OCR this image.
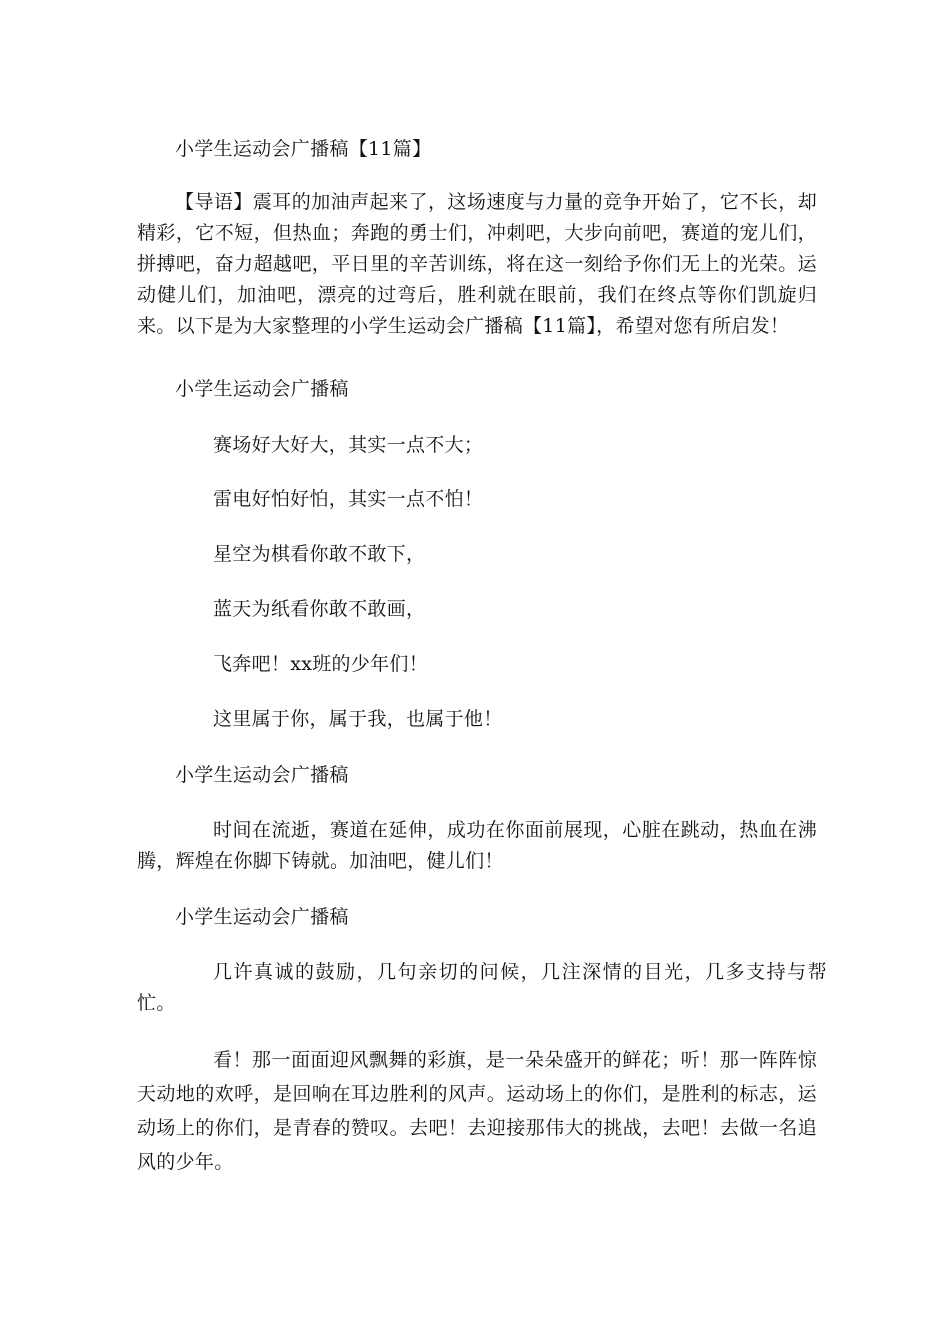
小学生运动会广播稿【11篇】
【导语】震耳的加油声起来了，这场速度与力量的竞争开始了，它不长，却精彩，它不短，但热血；奔跑的勇士们，冲刺吧，大步向前吧，赛道的宠儿们，拼搏吧，奋力超越吧，平日里的辛苦训练，将在这一刻给予你们无上的光荣。运动健儿们，加油吧，漂亮的过弯后，胜利就在眼前，我们在终点等你们凯旋归来。以下是为大家整理的小学生运动会广播稿【11篇】，希望对您有所启发！
小学生运动会广播稿
赛场好大好大，其实一点不大；
雷电好怕好怕，其实一点不怕！
星空为棋看你敢不敢下，
蓝天为纸看你敢不敢画，
飞奔吧！xx班的少年们！
这里属于你，属于我，也属于他！
小学生运动会广播稿
时间在流逝，赛道在延伸，成功在你面前展现，心脏在跳动，热血在沸腾，辉煌在你脚下铸就。加油吧，健儿们！
小学生运动会广播稿
几许真诚的鼓励，几句亲切的问候，几注深情的目光，几多支持与帮忙。
看！那一面面迎风飘舞的彩旗，是一朵朵盛开的鲜花；听！那一阵阵惊天动地的欢呼，是回响在耳边胜利的风声。运动场上的你们，是胜利的标志，运动场上的你们，是青春的赞叹。去吧！去迎接那伟大的挑战，去吧！去做一名追风的少年。
